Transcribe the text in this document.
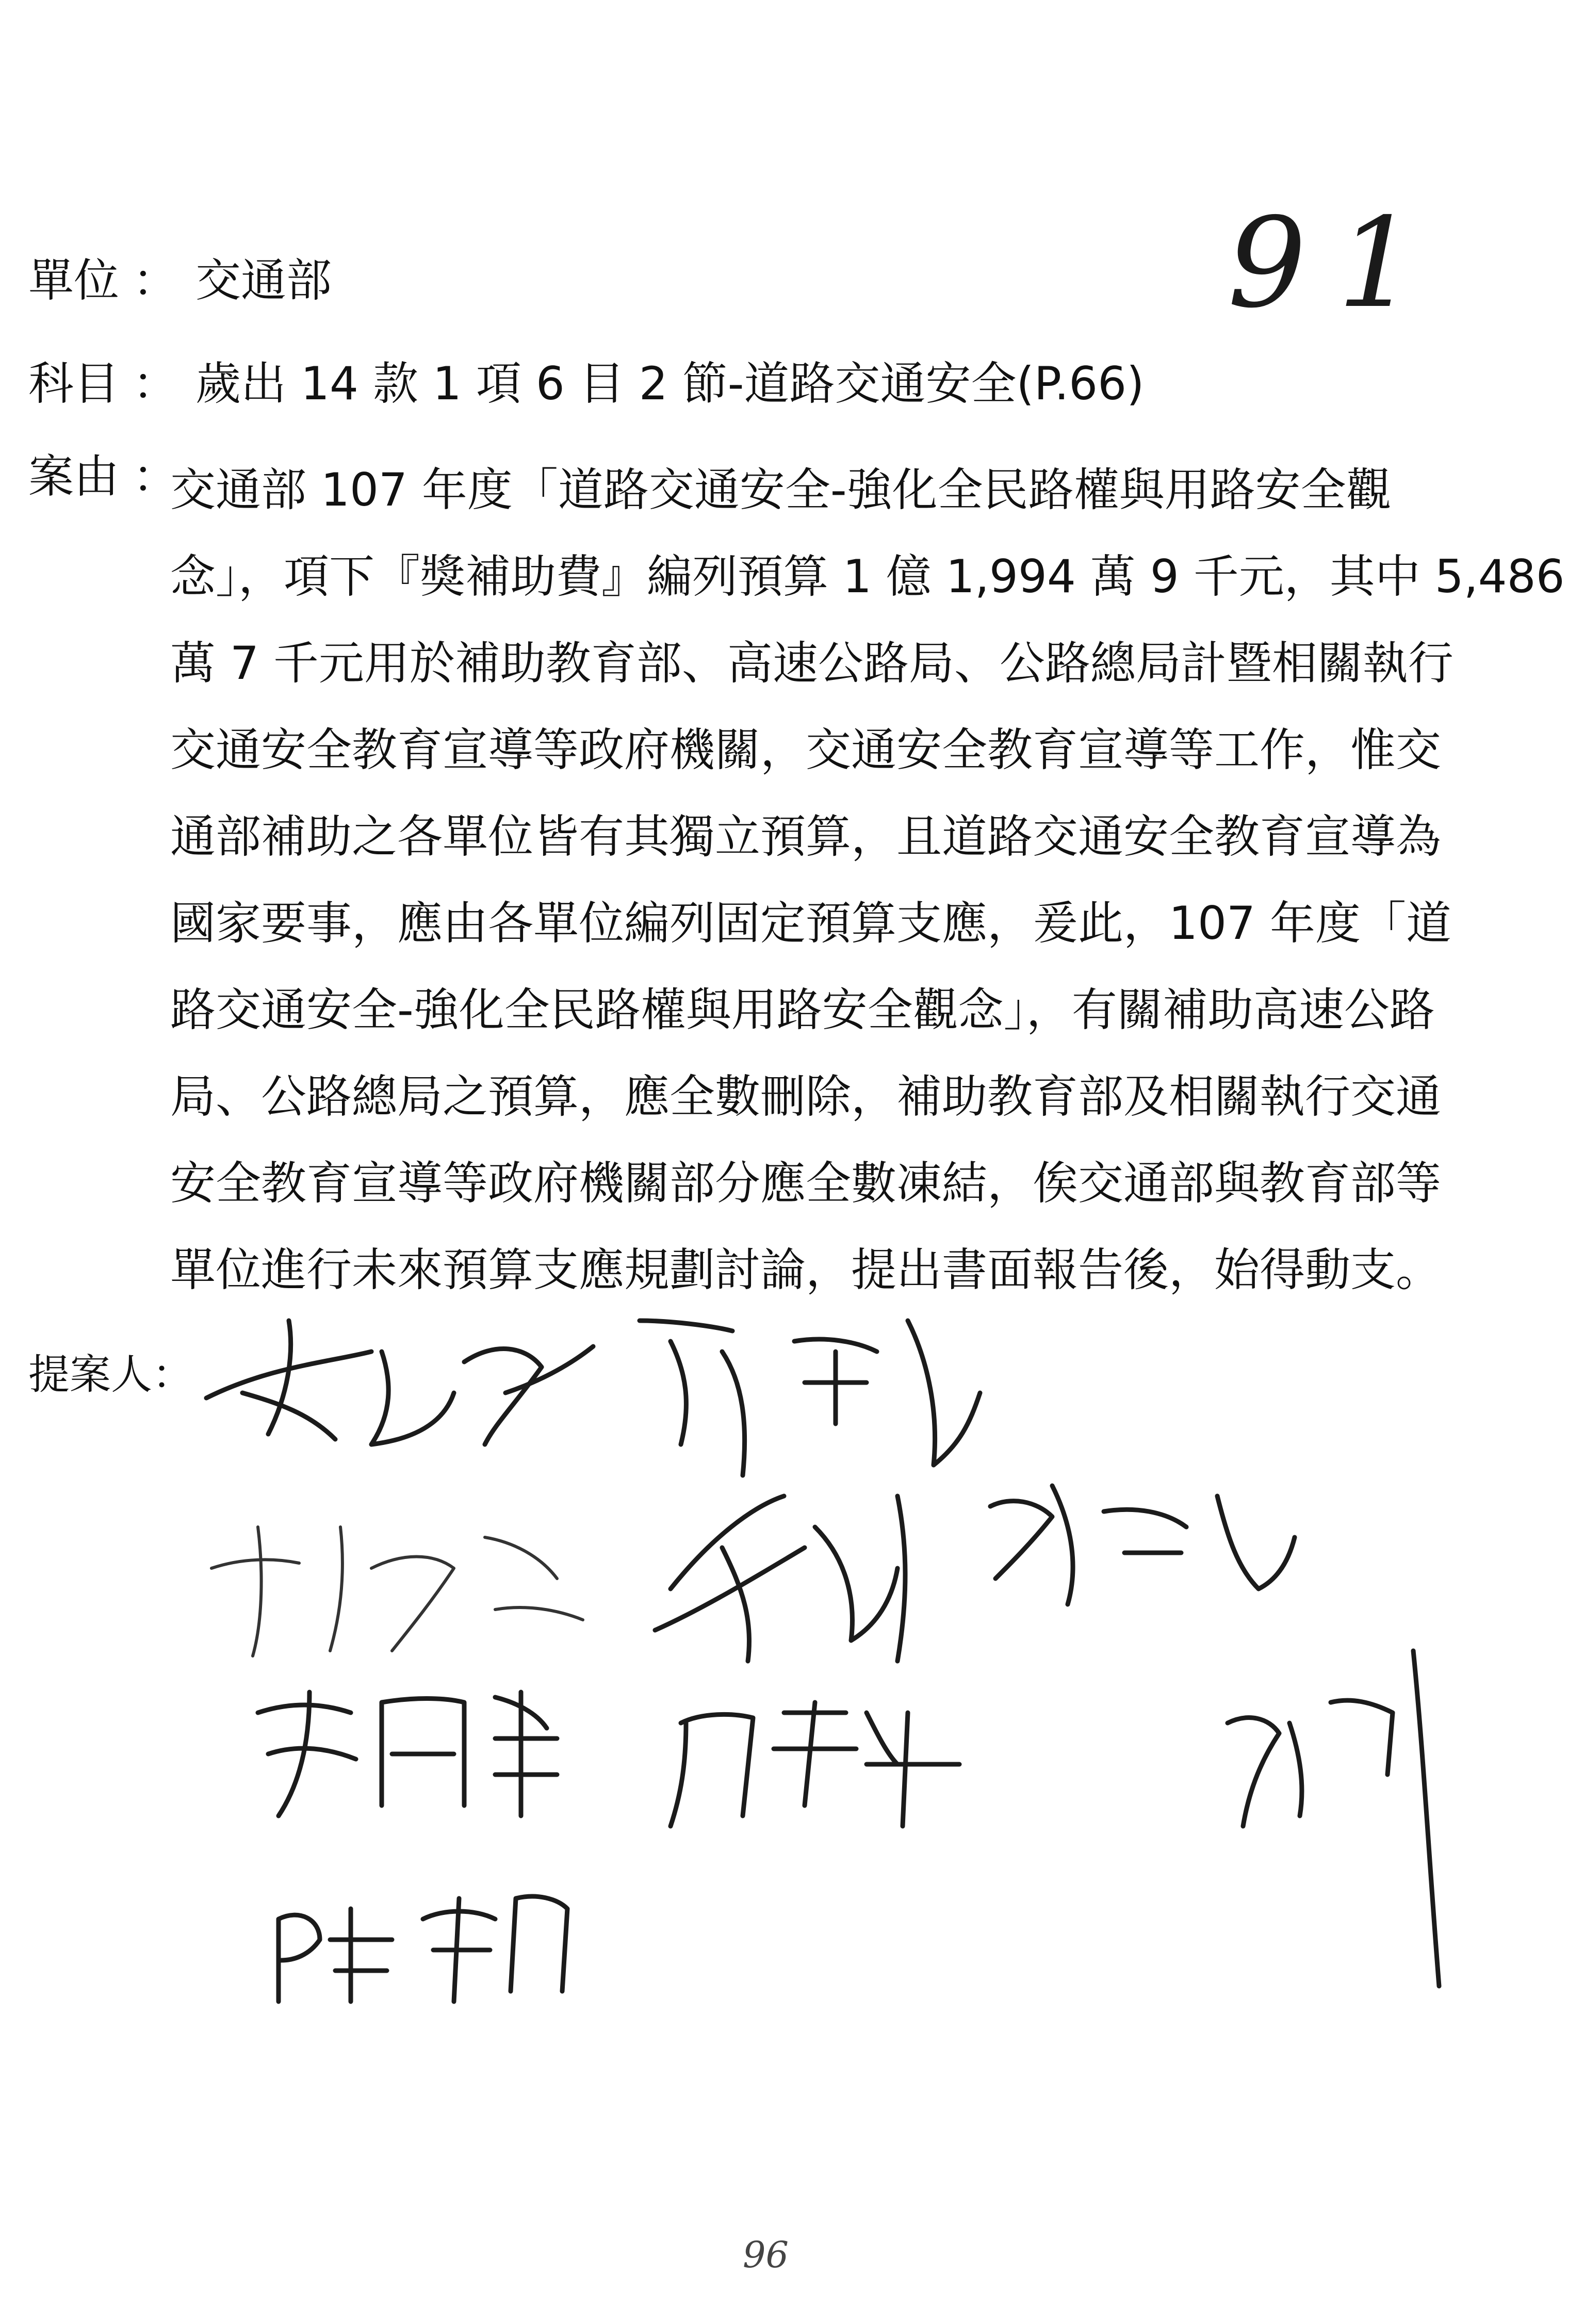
91
單位 ： 交通部
科目 ： 歲出 14 款 1 項 6 目 2 節-道路交通安全(P.66)
案由 ：
交通部 107 年度「道路交通安全-強化全民路權與用路安全觀
念」，項下『獎補助費』編列預算 1 億 1,994 萬 9 千元，其中 5,486
萬 7 千元用於補助教育部、高速公路局、公路總局計暨相關執行
交通安全教育宣導等政府機關，交通安全教育宣導等工作，惟交
通部補助之各單位皆有其獨立預算，且道路交通安全教育宣導為
國家要事，應由各單位編列固定預算支應，爰此，107 年度「道
路交通安全-強化全民路權與用路安全觀念」，有關補助高速公路
局、公路總局之預算，應全數刪除，補助教育部及相關執行交通
安全教育宣導等政府機關部分應全數凍結，俟交通部與教育部等
單位進行未來預算支應規劃討論，提出書面報告後，始得動支。
提案人：
96
